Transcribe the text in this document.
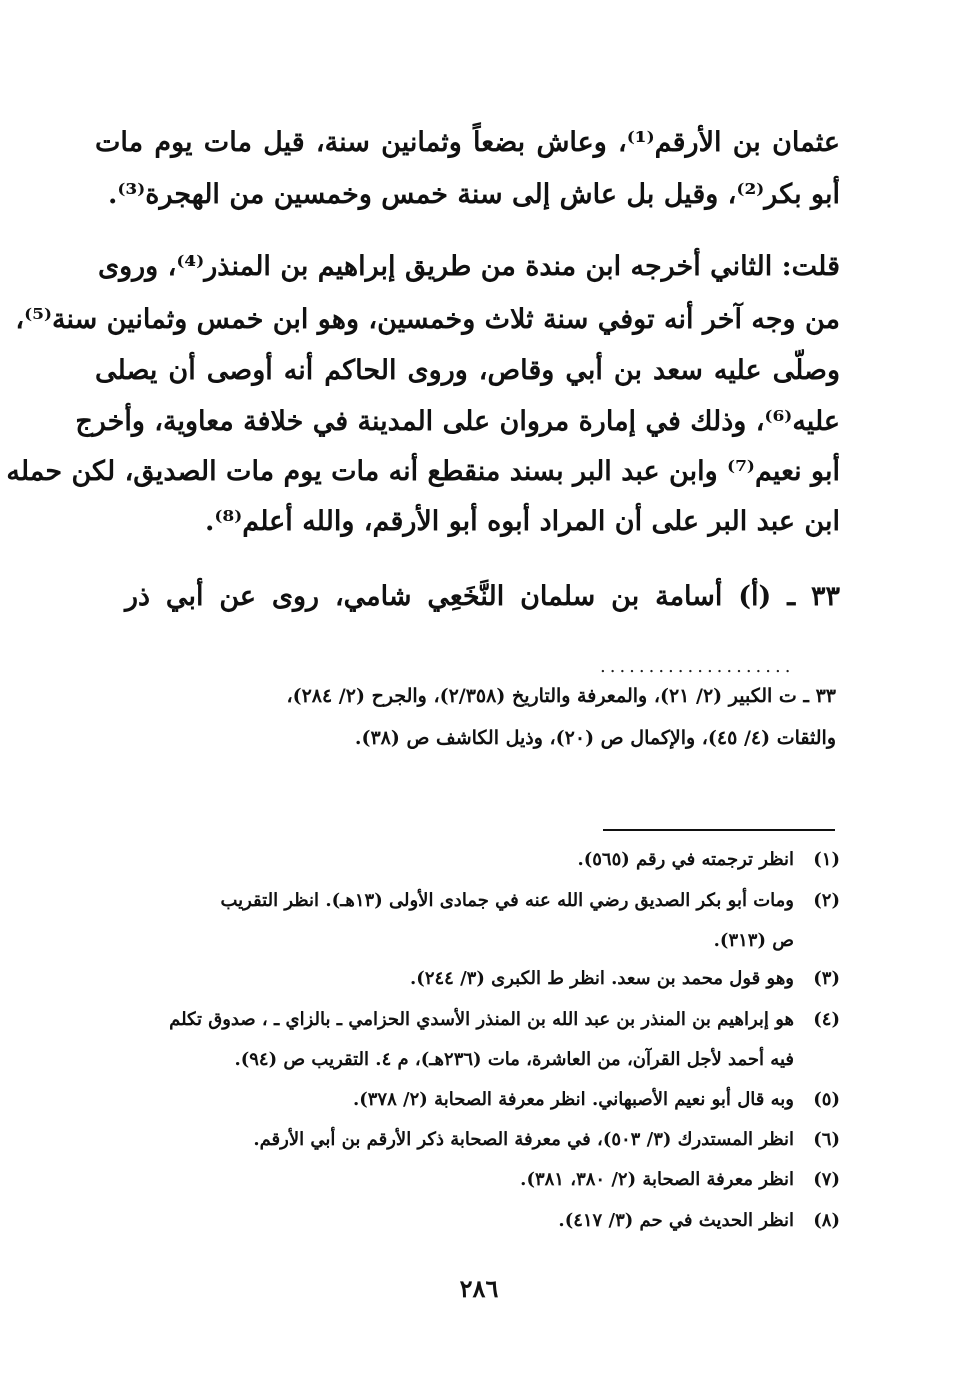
عثمان بن الأرقم⁽¹⁾، وعاش بضعاً وثمانين سنة، قيل مات يوم مات
أبو بكر⁽²⁾، وقيل بل عاش إلى سنة خمس وخمسين من الهجرة⁽³⁾.
قلت: الثاني أخرجه ابن مندة من طريق إبراهيم بن المنذر⁽⁴⁾، وروى
من وجه آخر أنه توفي سنة ثلاث وخمسين، وهو ابن خمس وثمانين سنة⁽⁵⁾،
وصلّى عليه سعد بن أبي وقاص، وروى الحاكم أنه أوصى أن يصلى
عليه⁽⁶⁾، وذلك في إمارة مروان على المدينة في خلافة معاوية، وأخرج
أبو نعيم⁽⁷⁾ وابن عبد البر بسند منقطع أنه مات يوم مات الصديق، لكن حمله
ابن عبد البر على أن المراد أبوه أبو الأرقم، والله أعلم⁽⁸⁾.
٣٣ ـ (أ) أسامة بن سلمان النَّخَعِي شامي، روى عن أبي ذر
....................
٣٣ ـ ت الكبير (٢/ ٢١)، والمعرفة والتاريخ (٢/٣٥٨)، والجرح (٢/ ٢٨٤)،
والثقات (٤/ ٤٥)، والإكمال ص (٢٠)، وذيل الكاشف ص (٣٨).
(١)انظر ترجمته في رقم (٥٦٥).
(٢)ومات أبو بكر الصديق رضي الله عنه في جمادى الأولى (١٣هـ). انظر التقريب
ص (٣١٣).
(٣)وهو قول محمد بن سعد. انظر ط الكبرى (٣/ ٢٤٤).
(٤)هو إبراهيم بن المنذر بن عبد الله بن المنذر الأسدي الحزامي ـ بالزاي ـ ، صدوق تكلم
فيه أحمد لأجل القرآن، من العاشرة، مات (٢٣٦هـ)، م ٤. التقريب ص (٩٤).
(٥)وبه قال أبو نعيم الأصبهاني. انظر معرفة الصحابة (٢/ ٣٧٨).
(٦)انظر المستدرك (٣/ ٥٠٣)، في معرفة الصحابة ذكر الأرقم بن أبي الأرقم.
(٧)انظر معرفة الصحابة (٢/ ٣٨٠، ٣٨١).
(٨)انظر الحديث في حم (٣/ ٤١٧).
٢٨٦
